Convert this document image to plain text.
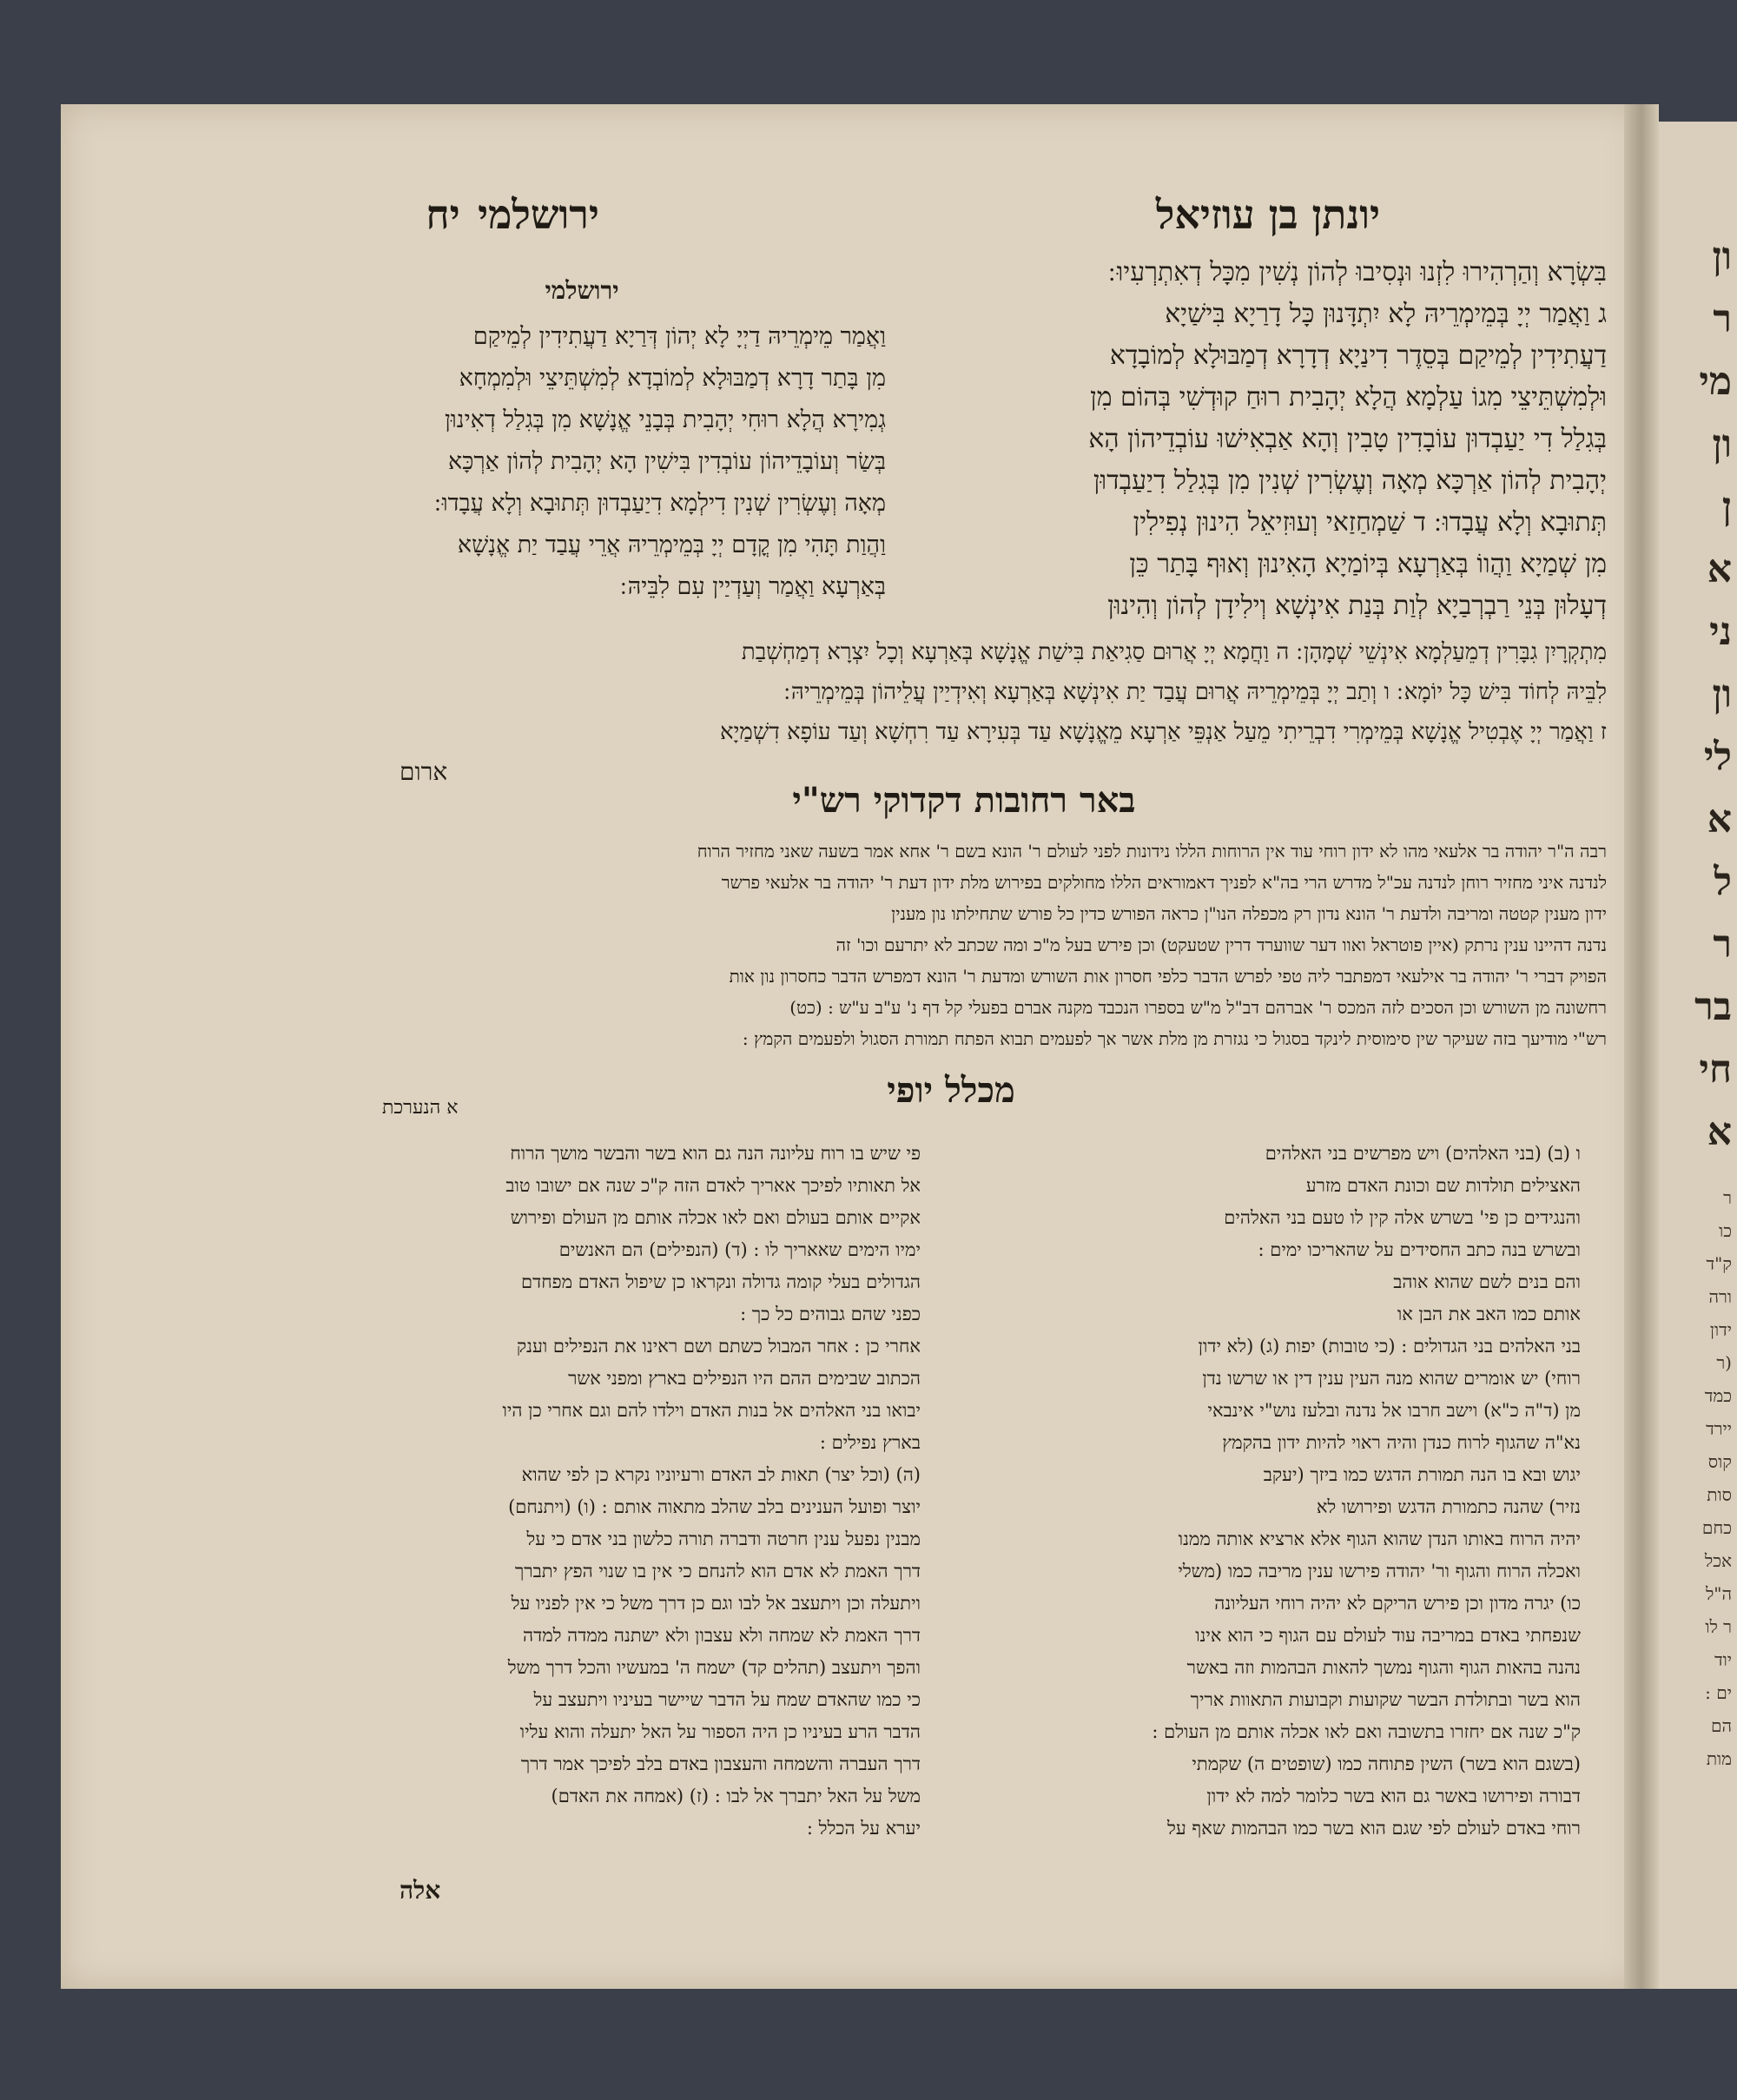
ון
ר
מי
ון
ן
א
ני
ון
לי
א
ל
ר
בר
חי
א
ר
כו
ק"ד
ורה
ידון
(ר
כמד
יירד
קוס
סות
כחם
אכל
ה"ל
ר לו
יוד
ים :
הם
מות
יונתן בן עוזיאל
ירושלמי
יח
בִּשְׂרָא וְהַרְהִירוּ לִזְנוּ וּנְסִיבוּ לְהוֹן נְשִׁין מִכָּל דְאִתְרְעִיוּ ׃
ג וַאֲמַר יְיָ בְּמֵימְרֵיהּ לָא יִתְדָּנוּן כָּל דָרַיָא בִּישַׁיָא
דַעֲתִידִין לְמֵיקַם בְּסֵדֶר דִינַיָא דְדָרָא דְמַבּוּלָא לְמוֹבָדָא
וּלְמִשְׁתֵּיצֵי מִגוֹ עַלְמָא הֲלָא יְהָבִית רוּחַ קוּדְשִׁי בְּהוֹם מִן
בְּגִלַל דִי יַעַבְדוּן עוֹבָדִין טָבִין וְהָא אַבְאִישׁוּ עוֹבְדֵיהוֹן הָא
יְהָבִית לְהוֹן אַרְכָּא מְאָה וְעֶשְׂרִין שְׁנִין מִן בְּגִלַל דִיַעַבְדוּן
תְּתוּבָא וְלָא עֲבָדוּ ׃ ד שַׁמְחַזַאי וְעוּזִיאֵל הִינוּן נְפִילִין
מִן שְׁמַיָא וַהֲווֹ בְּאַרְעָא בְּיוֹמַיָא הָאִינוּן וְאוּף בָּתַר כֵּן
דְעָלוּן בְּנֵי רַבְרְבַיָא לְוַת בְּנַת אִינְשָׁא וְילִידָן לְהוֹן וְהִינוּן
ירושלמי
וַאֲמַר מֵימְרֵיהּ דַיְיָ לָא יְהוֹן דְּרַיָא דַעֲתִידִין לְמֵיקַם
מִן בָּתַר דָרָא דְמַבּוּלָא לְמוֹבְדָא לְמִשְׁתֵּיצֵי וּלְמִמְחָא
גְמִירָא הֲלָא רוּחִי יְהָבִית בְּבָנֵי אֱנָשָׁא מִן בְּגִלַל דְאִינוּן
בְּשַׂר וְעוֹבָדֵיהוֹן עוֹבְדִין בִּישִׁין הָא יְהָבִית לְהוֹן אַרְכָּא
מְאָה וְעֶשְׂרִין שְׁנִין דִילְמָא דִיַעַבְדוּן תְּתוּבָא וְלָא עֲבָדוּ ׃
וַהֲוַת תָּהִי מִן קֳדָם יְיָ בְּמֵימְרֵיהּ אֲרֵי עֲבַד יַת אֱנָשָׁא
בְּאַרְעָא וַאֲמַר וְעַדְיַין עִם לִבֵּיהּ ׃
מִתְקְרָיִן גִבָּרִין דְמֵעַלְמָא אִינְשֵׁי שְׁמָהָן ׃ ה וַחֲמָא יְיָ אֲרוּם סַגִיאַת בִּישַׁת אֱנָשָׁא בְּאַרְעָא וְכָל יִצְרָא דְמַחְשְׁבַת
לִבֵּיהּ לְחוֹד בִּישׁ כָּל יוֹמָא ׃ ו וְתַב יְיָ בְּמֵימְרֵיהּ אֲרוּם עֲבַד יַת אִינְשָׁא בְּאַרְעָא וְאִידְיַין עֲלֵיהוֹן בְּמֵימְרֵיהּ ׃
ז וַאֲמַר יְיָ אֶבְטִיל אֱנָשָׁא בְּמֵימְרִי דִבְרֵיתִי מֵעַל אַנְפֵּי אַרְעָא מֵאֱנָשָׁא עַד בְּעִירָא עַד רִחְשָׁא וְעַד עוֹפָא דִשְׁמַיָא
ארום
באר רחובות דקדוקי רש"י
רבה ה"ר יהודה בר אלעאי מהו לא ידון רוחי עוד אין הרוחות הללו נידונות לפני לעולם ר' הונא בשם ר' אחא אמר בשעה שאני מחזיר הרוח
לנדנה איני מחזיר רוחן לנדנה עכ"ל מדרש הרי בה"א לפניך דאמוראים הללו מחולקים בפירוש מלת ידון דעת ר' יהודה בר אלעאי פרשר
ידון מענין קטטה ומריבה ולדעת ר' הונא נדון רק מכפלה הנו"ן כראה הפורש כדין כל פורש שתחילתו נון מענין
נדנה דהיינו ענין נרתק (איין פוטראל ואוו דער שווערד דרין שטעקט) וכן פירש בעל מ"כ ומה שכתב לא יתרעם וכו' זה
הפויק דברי ר' יהודה בר אילעאי דמפתבר ליה טפי לפרש הדבר כלפי חסרון אות השורש ומדעת ר' הונא דמפרש הדבר כחסרון נון אות
רחשונה מן השורש וכן הסכים לזה המכס ר' אברהם דב"ל מ"ש בספרו הנכבד מקנה אברם בפעלי קל דף נ' ע"ב ע"ש : (כט)
רש"י מודיעך בזה שעיקר שין סימוסית לינקד בסגול כי נגזרת מן מלת אשר אך לפעמים תבוא הפתח תמורת הסגול ולפעמים הקמץ :
א הנערכת	מכלל יופי
ו (ב) (בני האלהים) ויש מפרשים בני האלהים
האצילים תולדות שם וכונת האדם מזרע
והנגידים כן פי' בשרש אלה קין לו טעם בני האלהים
ובשרש בנה כתב החסידים על שהאריכו ימים :
והם בנים לשם שהוא אוהב
אותם כמו האב את הבן או
בני האלהים בני הגדולים : (כי טובות) יפות (ג) (לא ידון
רוחי) יש אומרים שהוא מנה העין ענין דין או שרשו נדן
מן (ד"ה כ"א) וישב חרבו אל נדנה ובלעז נוש"י אינבאי
נא"ה שהגוף לרוח כנדן והיה ראוי להיות ידון בהקמץ
יגוש ובא בו הנה תמורת הדגש כמו ביזך (יעקב
נזיר) שהנה כתמורת הדגש ופירושו לא
יהיה הרוח באותו הנדן שהוא הגוף אלא ארציא אותה ממנו
ואכלה הרוח והגוף ור' יהודה פירשו ענין מריבה כמו (משלי
כו) יגרה מדון וכן פירש הריקם לא יהיה רוחי העליונה
שנפחתי באדם במריבה עוד לעולם עם הגוף כי הוא אינו
נהנה בהאות הגוף והגוף נמשך להאות הבהמות וזה באשר
הוא בשר ובתולדת הבשר שקועות וקבועות התאוות אריך
ק"כ שנה אם יחזרו בתשובה ואם לאו אכלה אותם מן העולם :
(בשגם הוא בשר) השין פתוחה כמו (שופטים ה) שקמתי
דבורה ופירושו באשר גם הוא בשר כלומר למה לא ידון
רוחי באדם לעולם לפי שגם הוא בשר כמו הבהמות שאף על
פי שיש בו רוח עליונה הנה גם הוא בשר והבשר מושך הרוח
אל תאותיו לפיכך אאריך לאדם הזה ק"כ שנה אם ישובו טוב
אקיים אותם בעולם ואם לאו אכלה אותם מן העולם ופירוש
ימיו הימים שאאריך לו : (ד) (הנפילים) הם האנשים
הגדולים בעלי קומה גדולה ונקראו כן שיפול האדם מפחדם
כפני שהם גבוהים כל כך :
אחרי כן : אחר המבול כשתם ושם ראינו את הנפילים וענק
הכתוב שבימים ההם היו הנפילים בארץ ומפני אשר
יבואו בני האלהים אל בנות האדם וילדו להם וגם אחרי כן היו
בארץ נפילים :
(ה) (וכל יצר) תאות לב האדם ורעיוניו נקרא כן לפי שהוא
יוצר ופועל הענינים בלב שהלב מתאוה אותם : (ו) (ויתנחם)
מבנין נפעל ענין חרטה ודברה תורה כלשון בני אדם כי על
דרך האמת לא אדם הוא להנחם כי אין בו שנוי הפץ יתברך
ויתעלה וכן ויתעצב אל לבו וגם כן דרך משל כי אין לפניו על
דרך האמת לא שמחה ולא עצבון ולא ישתנה ממדה למדה
והפך ויתעצב (תהלים קד) ישמח ה' במעשיו והכל דרך משל
כי כמו שהאדם שמח על הדבר שיישר בעיניו ויתעצב על
הדבר הרע בעיניו כן היה הספור על האל יתעלה והוא עליו
דרך העברה והשמחה והעצבון באדם בלב לפיכך אמר דרך
משל על האל יתברך אל לבו : (ז) (אמחה את האדם)
יערא על הכלל :
אלה
